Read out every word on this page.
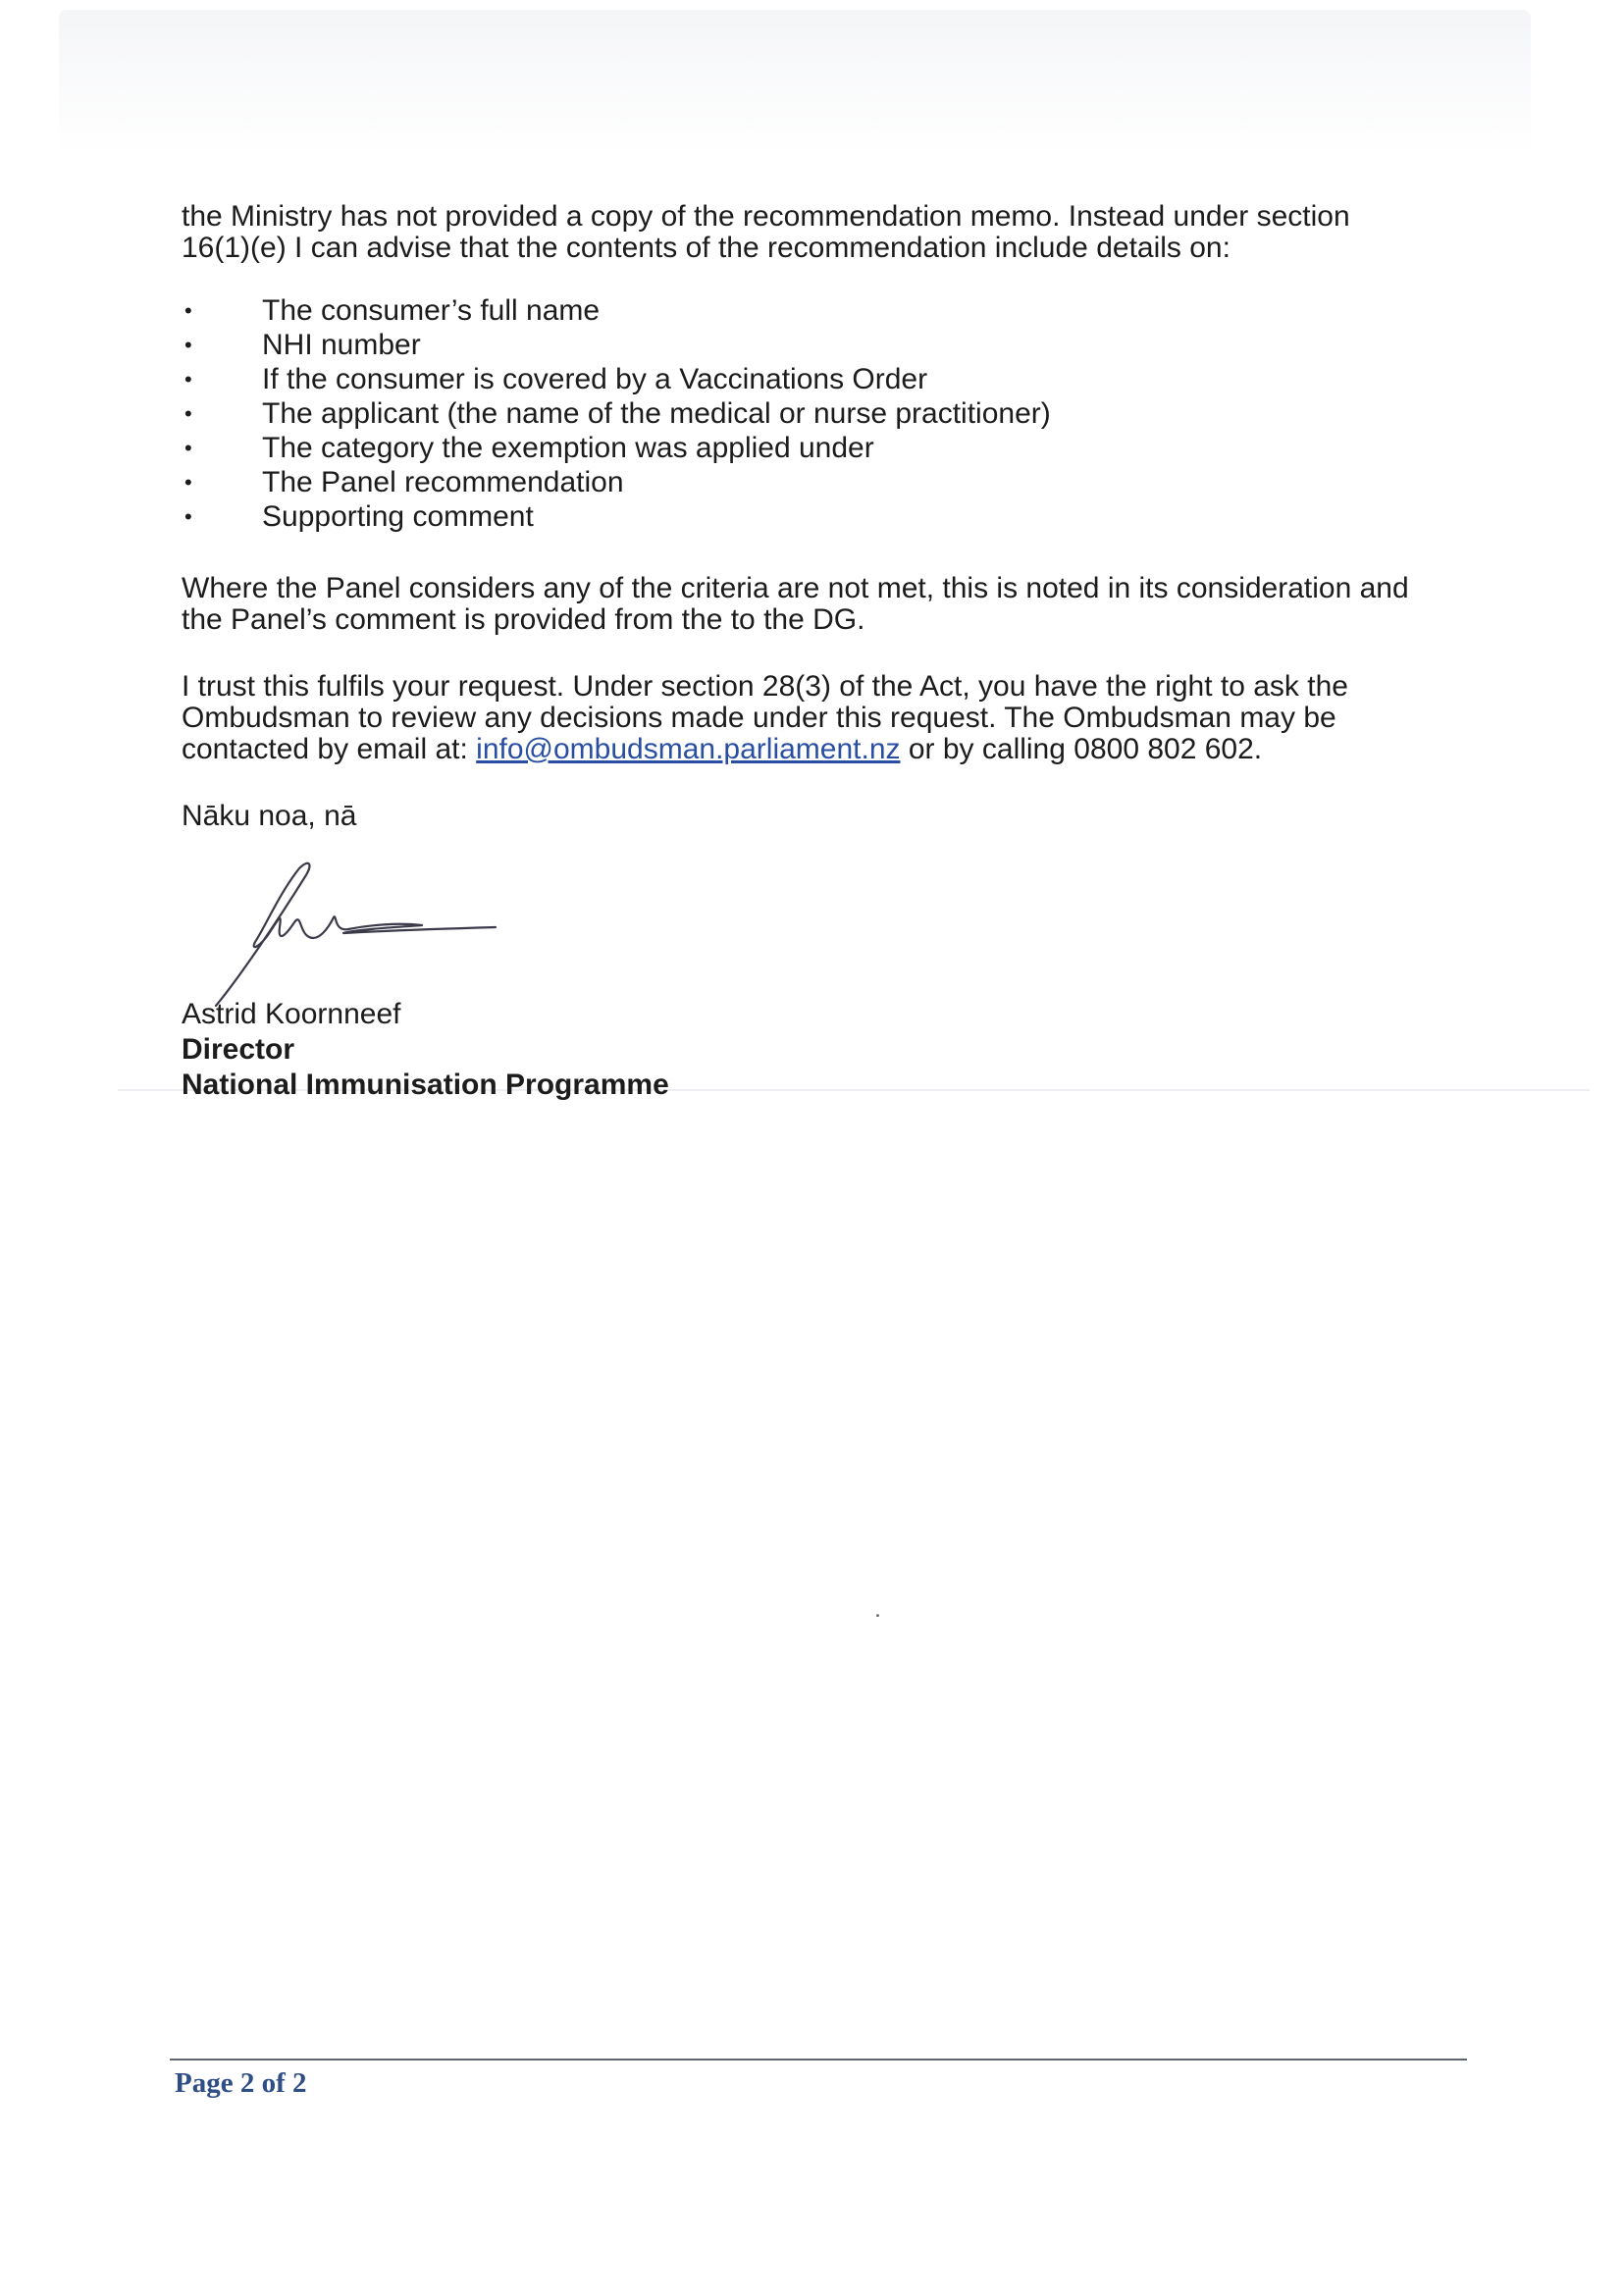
the Ministry has not provided a copy of the recommendation memo. Instead under section
16(1)(e) I can advise that the contents of the recommendation include details on:

• The consumer’s full name
• NHI number
• If the consumer is covered by a Vaccinations Order
• The applicant (the name of the medical or nurse practitioner)
• The category the exemption was applied under
• The Panel recommendation
• Supporting comment

Where the Panel considers any of the criteria are not met, this is noted in its consideration and the Panel’s comment is provided from the to the DG.

I trust this fulfils your request. Under section 28(3) of the Act, you have the right to ask the Ombudsman to review any decisions made under this request. The Ombudsman may be contacted by email at: info@ombudsman.parliament.nz or by calling 0800 802 602.

Nāku noa, nā

Astrid Koornneef
Director
National Immunisation Programme
Page 2 of 2
